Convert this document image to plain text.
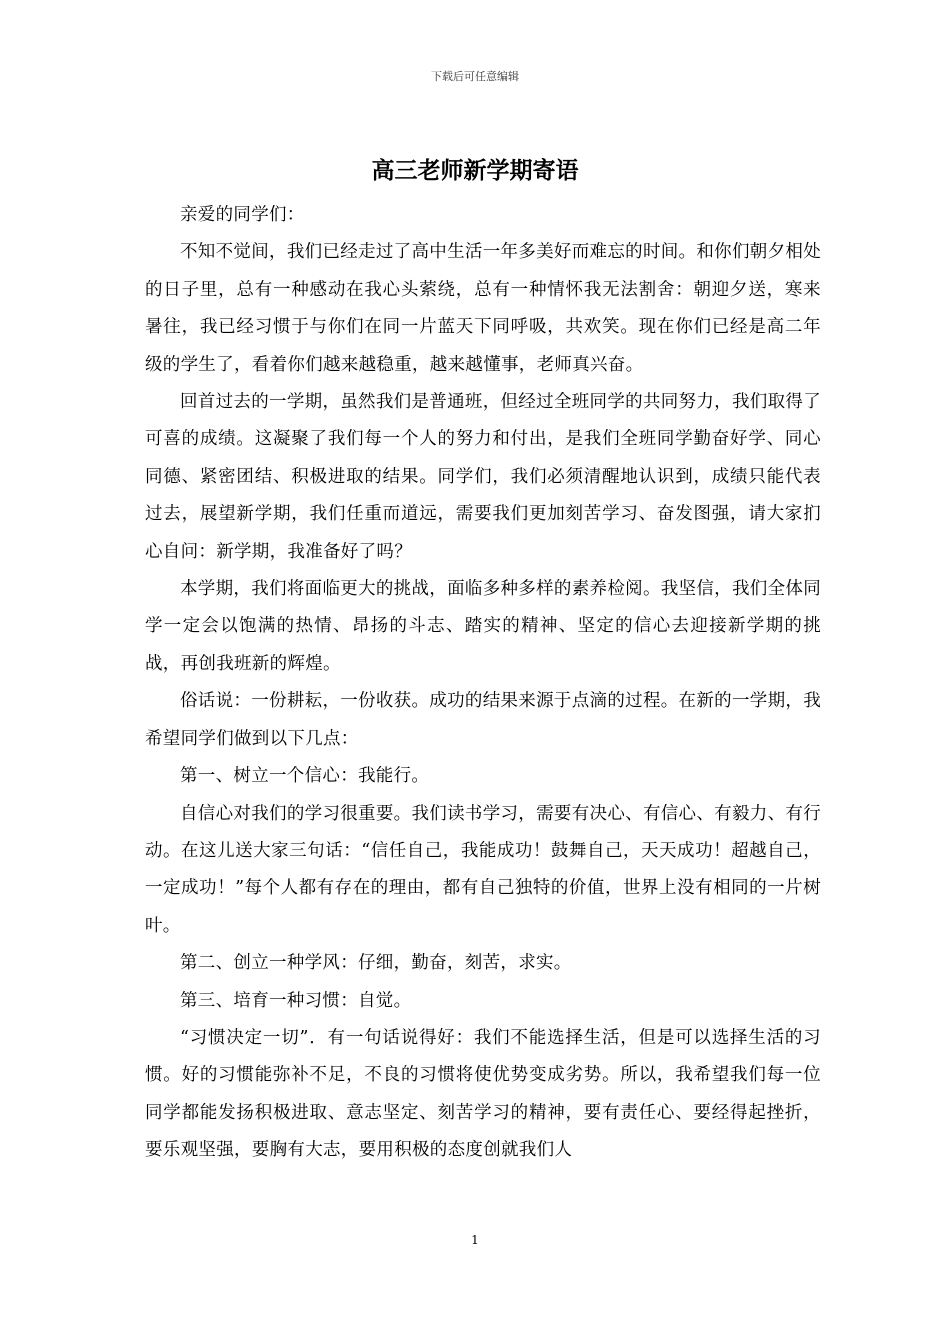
下载后可任意编辑
高三老师新学期寄语

亲爱的同学们：

不知不觉间，我们已经走过了高中生活一年多美好而难忘的时间。和你们朝夕相处的日子里，总有一种感动在我心头萦绕，总有一种情怀我无法割舍：朝迎夕送，寒来暑往，我已经习惯于与你们在同一片蓝天下同呼吸，共欢笑。现在你们已经是高二年级的学生了，看着你们越来越稳重，越来越懂事，老师真兴奋。

回首过去的一学期，虽然我们是普通班，但经过全班同学的共同努力，我们取得了可喜的成绩。这凝聚了我们每一个人的努力和付出，是我们全班同学勤奋好学、同心同德、紧密团结、积极进取的结果。同学们，我们必须清醒地认识到，成绩只能代表过去，展望新学期，我们任重而道远，需要我们更加刻苦学习、奋发图强，请大家扪心自问：新学期，我准备好了吗？

本学期，我们将面临更大的挑战，面临多种多样的素养检阅。我坚信，我们全体同学一定会以饱满的热情、昂扬的斗志、踏实的精神、坚定的信心去迎接新学期的挑战，再创我班新的辉煌。

俗话说：一份耕耘，一份收获。成功的结果来源于点滴的过程。在新的一学期，我希望同学们做到以下几点：

第一、树立一个信心：我能行。

自信心对我们的学习很重要。我们读书学习，需要有决心、有信心、有毅力、有行动。在这儿送大家三句话：“信任自己，我能成功！鼓舞自己，天天成功！超越自己，一定成功！”每个人都有存在的理由，都有自己独特的价值，世界上没有相同的一片树叶。

第二、创立一种学风：仔细，勤奋，刻苦，求实。

第三、培育一种习惯：自觉。

“习惯决定一切”．有一句话说得好：我们不能选择生活，但是可以选择生活的习惯。好的习惯能弥补不足，不良的习惯将使优势变成劣势。所以，我希望我们每一位同学都能发扬积极进取、意志坚定、刻苦学习的精神，要有责任心、要经得起挫折，要乐观坚强，要胸有大志，要用积极的态度创就我们人

1
